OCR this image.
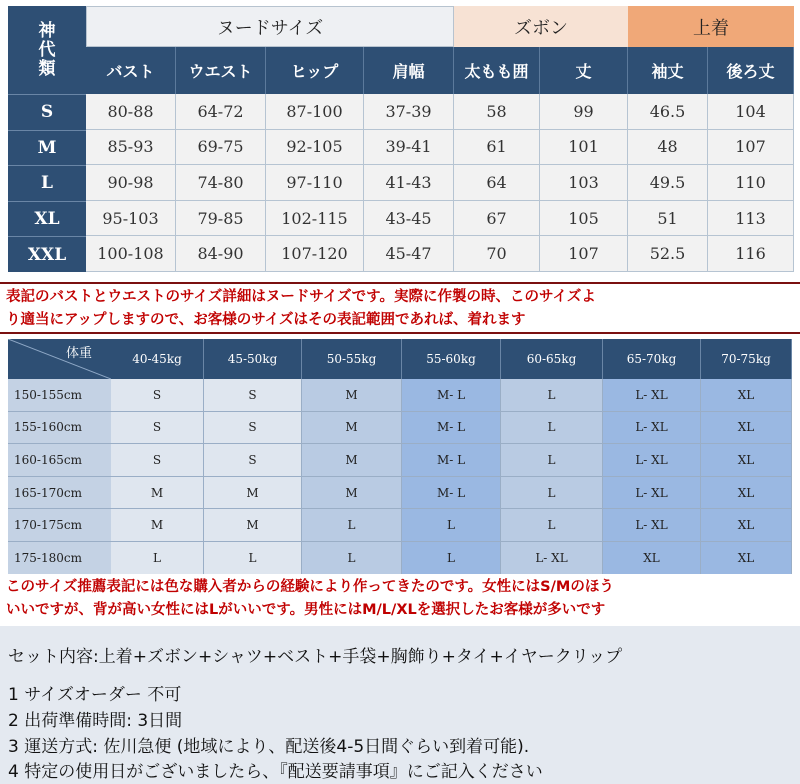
神
代
類
ヌードサイズ	ズボン	上着
バスト	ウエスト	ヒップ	肩幅	太もも囲	丈	袖丈	後ろ丈
S	80-88	64-72	87-100	37-39	58	99	46.5	104
M	85-93	69-75	92-105	39-41	61	101	48	107
L	90-98	74-80	97-110	41-43	64	103	49.5	110
XL	95-103	79-85	102-115	43-45	67	105	51	113
XXL	100-108	84-90	107-120	45-47	70	107	52.5	116
表記のバストとウエストのサイズ詳細はヌードサイズです。実際に作製の時、このサイズよ
り適当にアップしますので、お客様のサイズはその表記範囲であれば、着れます
体重	40-45kg	45-50kg	50-55kg	55-60kg	60-65kg	65-70kg	70-75kg
150-155cm	S	S	M	M- L	L	L- XL	XL
155-160cm	S	S	M	M- L	L	L- XL	XL
160-165cm	S	S	M	M- L	L	L- XL	XL
165-170cm	M	M	M	M- L	L	L- XL	XL
170-175cm	M	M	L	L	L	L- XL	XL
175-180cm	L	L	L	L	L- XL	XL	XL
このサイズ推薦表記には色な購入者からの経験により作ってきたのです。女性にはS/Mのほう
いいですが、背が高い女性にはLがいいです。男性にはM/L/XLを選択したお客様が多いです
セット内容:上着+ズボン+シャツ+ベスト+手袋+胸飾り+タイ+イヤークリップ
1 サイズオーダー 不可
2 出荷準備時間: 3日間
3 運送方式: 佐川急便 (地域により、配送後4-5日間ぐらい到着可能).
4 特定の使用日がございましたら、『配送要請事項』にご記入ください
